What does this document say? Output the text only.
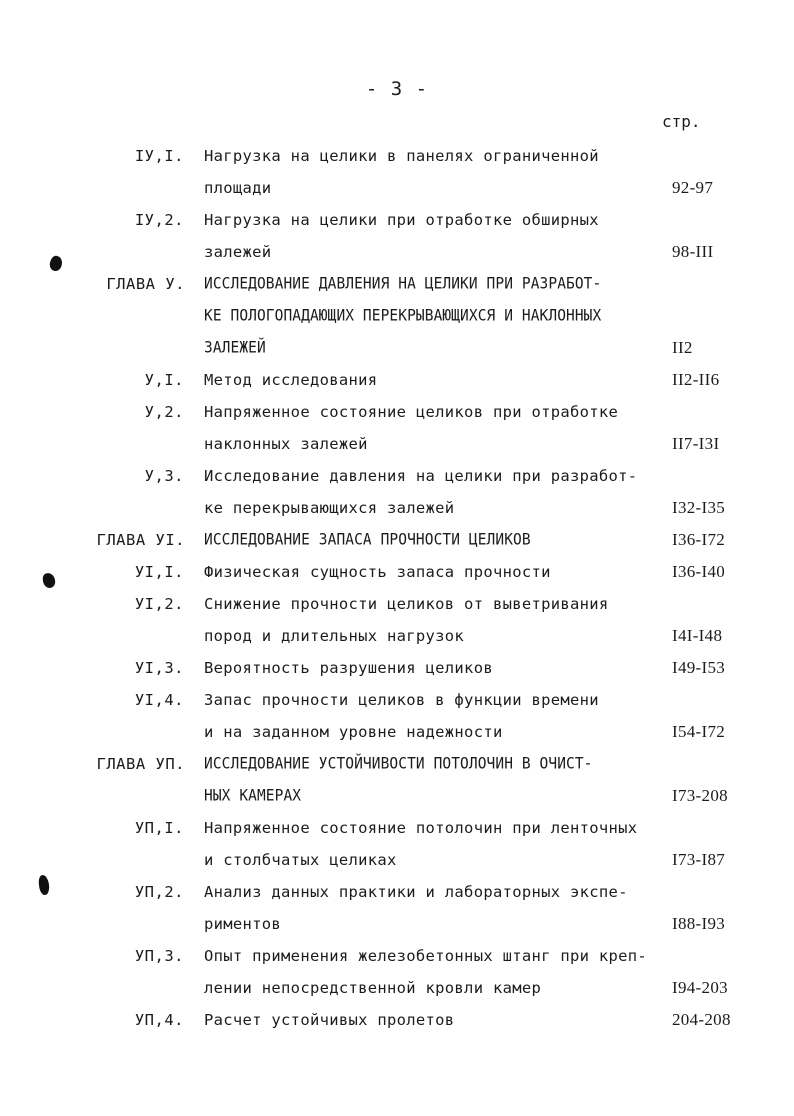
- 3 -
стр.
IУ,I. Нагрузка на целики в панелях ограниченной
площади	92-97
IУ,2. Нагрузка на целики при отработке обширных
залежей	98-III
ГЛАВА У. ИССЛЕДОВАНИЕ ДАВЛЕНИЯ НА ЦЕЛИКИ ПРИ РАЗРАБОТ-
КЕ ПОЛОГОПАДАЮЩИХ ПЕРЕКРЫВАЮЩИХСЯ И НАКЛОННЫХ
ЗАЛЕЖЕЙ	II2
У,I. Метод исследования	II2-II6
У,2. Напряженное состояние целиков при отработке
наклонных залежей	II7-I3I
У,3. Исследование давления на целики при разработ-
ке перекрывающихся залежей	I32-I35
ГЛАВА УI. ИССЛЕДОВАНИЕ ЗАПАСА ПРОЧНОСТИ ЦЕЛИКОВ	I36-I72
УI,I. Физическая сущность запаса прочности	I36-I40
УI,2. Снижение прочности целиков от выветривания
пород и длительных нагрузок	I4I-I48
УI,3. Вероятность разрушения целиков	I49-I53
УI,4. Запас прочности целиков в функции времени
и на заданном уровне надежности	I54-I72
ГЛАВА УП. ИССЛЕДОВАНИЕ УСТОЙЧИВОСТИ ПОТОЛОЧИН В ОЧИСТ-
НЫХ КАМЕРАХ	I73-208
УП,I. Напряженное состояние потолочин при ленточных
и столбчатых целиках	I73-I87
УП,2. Анализ данных практики и лабораторных экспе-
риментов	I88-I93
УП,3. Опыт применения железобетонных штанг при креп-
лении непосредственной кровли камер	I94-203
УП,4. Расчет устойчивых пролетов	204-208
